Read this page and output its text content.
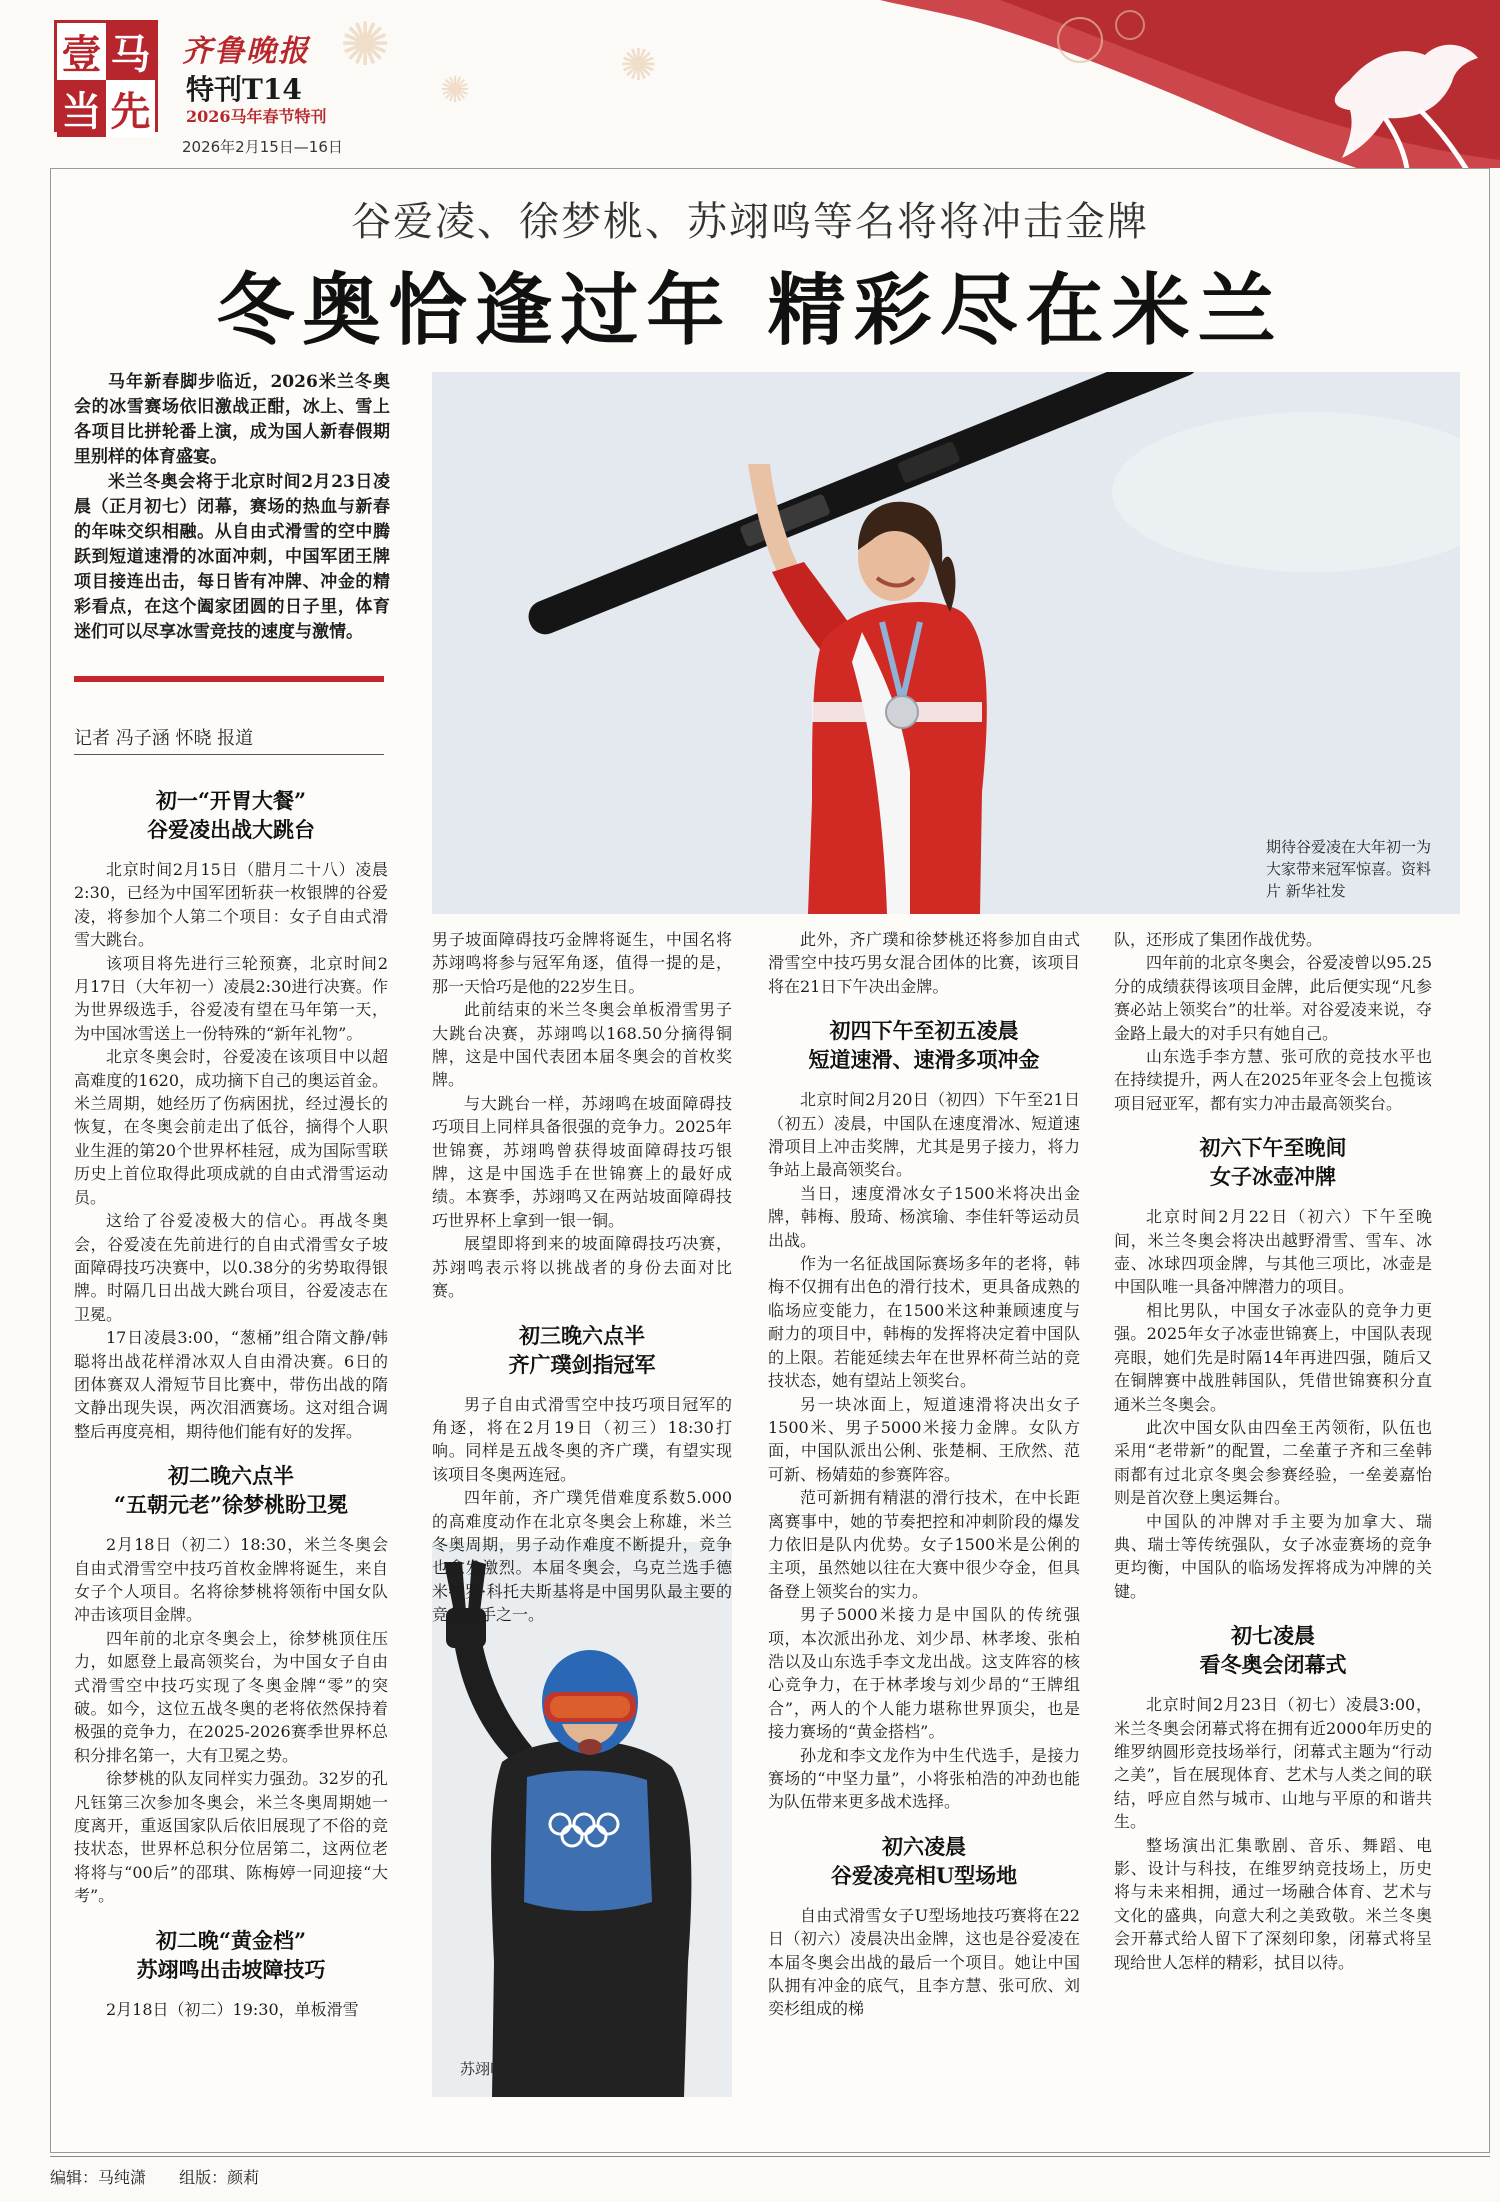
✺	✺
✺
壹 马
当 先
齐鲁晚报
特刊T14
2026马年春节特刊
2026年2月15日—16日
谷爱凌、徐梦桃、苏翊鸣等名将将冲击金牌
冬奥恰逢过年 精彩尽在米兰

马年新春脚步临近，2026米兰冬奥会的冰雪赛场依旧激战正酣，冰上、雪上各项目比拼轮番上演，成为国人新春假期里别样的体育盛宴。

米兰冬奥会将于北京时间2月23日凌晨（正月初七）闭幕，赛场的热血与新春的年味交织相融。从自由式滑雪的空中腾跃到短道速滑的冰面冲刺，中国军团王牌项目接连出击，每日皆有冲牌、冲金的精彩看点，在这个阖家团圆的日子里，体育迷们可以尽享冰雪竞技的速度与激情。

记者 冯子涵 怀晓 报道
期待谷爱凌在大年初一为大家带来冠军惊喜。资料片 新华社发
苏翊鸣实力不俗。 新华社发
初一“开胃大餐”
谷爱凌出战大跳台

北京时间2月15日（腊月二十八）凌晨2:30，已经为中国军团斩获一枚银牌的谷爱凌，将参加个人第二个项目：女子自由式滑雪大跳台。

该项目将先进行三轮预赛，北京时间2月17日（大年初一）凌晨2:30进行决赛。作为世界级选手，谷爱凌有望在马年第一天，为中国冰雪送上一份特殊的“新年礼物”。

北京冬奥会时，谷爱凌在该项目中以超高难度的1620，成功摘下自己的奥运首金。米兰周期，她经历了伤病困扰，经过漫长的恢复，在冬奥会前走出了低谷，摘得个人职业生涯的第20个世界杯桂冠，成为国际雪联历史上首位取得此项成就的自由式滑雪运动员。

这给了谷爱凌极大的信心。再战冬奥会，谷爱凌在先前进行的自由式滑雪女子坡面障碍技巧决赛中，以0.38分的劣势取得银牌。时隔几日出战大跳台项目，谷爱凌志在卫冕。

17日凌晨3:00，“葱桶”组合隋文静/韩聪将出战花样滑冰双人自由滑决赛。6日的团体赛双人滑短节目比赛中，带伤出战的隋文静出现失误，两次泪洒赛场。这对组合调整后再度亮相，期待他们能有好的发挥。

初二晚六点半
“五朝元老”徐梦桃盼卫冕

2月18日（初二）18:30，米兰冬奥会自由式滑雪空中技巧首枚金牌将诞生，来自女子个人项目。名将徐梦桃将领衔中国女队冲击该项目金牌。

四年前的北京冬奥会上，徐梦桃顶住压力，如愿登上最高领奖台，为中国女子自由式滑雪空中技巧实现了冬奥金牌“零”的突破。如今，这位五战冬奥的老将依然保持着极强的竞争力，在2025-2026赛季世界杯总积分排名第一，大有卫冕之势。

徐梦桃的队友同样实力强劲。32岁的孔凡钰第三次参加冬奥会，米兰冬奥周期她一度离开，重返国家队后依旧展现了不俗的竞技状态，世界杯总积分位居第二，这两位老将将与“00后”的邵琪、陈梅婷一同迎接“大考”。

初二晚“黄金档”
苏翊鸣出击坡障技巧

2月18日（初二）19:30，单板滑雪

男子坡面障碍技巧金牌将诞生，中国名将苏翊鸣将参与冠军角逐，值得一提的是，那一天恰巧是他的22岁生日。

此前结束的米兰冬奥会单板滑雪男子大跳台决赛，苏翊鸣以168.50分摘得铜牌，这是中国代表团本届冬奥会的首枚奖牌。

与大跳台一样，苏翊鸣在坡面障碍技巧项目上同样具备很强的竞争力。2025年世锦赛，苏翊鸣曾获得坡面障碍技巧银牌，这是中国选手在世锦赛上的最好成绩。本赛季，苏翊鸣又在两站坡面障碍技巧世界杯上拿到一银一铜。

展望即将到来的坡面障碍技巧决赛，苏翊鸣表示将以挑战者的身份去面对比赛。

初三晚六点半
齐广璞剑指冠军

男子自由式滑雪空中技巧项目冠军的角逐，将在2月19日（初三）18:30打响。同样是五战冬奥的齐广璞，有望实现该项目冬奥两连冠。

四年前，齐广璞凭借难度系数5.000的高难度动作在北京冬奥会上称雄，米兰冬奥周期，男子动作难度不断提升，竞争也愈发激烈。本届冬奥会，乌克兰选手德米特罗·科托夫斯基将是中国男队最主要的竞争对手之一。

此外，齐广璞和徐梦桃还将参加自由式滑雪空中技巧男女混合团体的比赛，该项目将在21日下午决出金牌。

初四下午至初五凌晨
短道速滑、速滑多项冲金

北京时间2月20日（初四）下午至21日（初五）凌晨，中国队在速度滑冰、短道速滑项目上冲击奖牌，尤其是男子接力，将力争站上最高领奖台。

当日，速度滑冰女子1500米将决出金牌，韩梅、殷琦、杨滨瑜、李佳轩等运动员出战。

作为一名征战国际赛场多年的老将，韩梅不仅拥有出色的滑行技术，更具备成熟的临场应变能力，在1500米这种兼顾速度与耐力的项目中，韩梅的发挥将决定着中国队的上限。若能延续去年在世界杯荷兰站的竞技状态，她有望站上领奖台。

另一块冰面上，短道速滑将决出女子1500米、男子5000米接力金牌。女队方面，中国队派出公俐、张楚桐、王欣然、范可新、杨婧茹的参赛阵容。

范可新拥有精湛的滑行技术，在中长距离赛事中，她的节奏把控和冲刺阶段的爆发力依旧是队内优势。女子1500米是公俐的主项，虽然她以往在大赛中很少夺金，但具备登上领奖台的实力。

男子5000米接力是中国队的传统强项，本次派出孙龙、刘少昂、林孝埈、张柏浩以及山东选手李文龙出战。这支阵容的核心竞争力，在于林孝埈与刘少昂的“王牌组合”，两人的个人能力堪称世界顶尖，也是接力赛场的“黄金搭档”。

孙龙和李文龙作为中生代选手，是接力赛场的“中坚力量”，小将张柏浩的冲劲也能为队伍带来更多战术选择。

初六凌晨
谷爱凌亮相U型场地

自由式滑雪女子U型场地技巧赛将在22日（初六）凌晨决出金牌，这也是谷爱凌在本届冬奥会出战的最后一个项目。她让中国队拥有冲金的底气，且李方慧、张可欣、刘奕杉组成的梯

队，还形成了集团作战优势。

四年前的北京冬奥会，谷爱凌曾以95.25分的成绩获得该项目金牌，此后便实现“凡参赛必站上领奖台”的壮举。对谷爱凌来说，夺金路上最大的对手只有她自己。

山东选手李方慧、张可欣的竞技水平也在持续提升，两人在2025年亚冬会上包揽该项目冠亚军，都有实力冲击最高领奖台。

初六下午至晚间
女子冰壶冲牌

北京时间2月22日（初六）下午至晚间，米兰冬奥会将决出越野滑雪、雪车、冰壶、冰球四项金牌，与其他三项比，冰壶是中国队唯一具备冲牌潜力的项目。

相比男队，中国女子冰壶队的竞争力更强。2025年女子冰壶世锦赛上，中国队表现亮眼，她们先是时隔14年再进四强，随后又在铜牌赛中战胜韩国队，凭借世锦赛积分直通米兰冬奥会。

此次中国女队由四垒王芮领衔，队伍也采用“老带新”的配置，二垒董子齐和三垒韩雨都有过北京冬奥会参赛经验，一垒姜嘉怡则是首次登上奥运舞台。

中国队的冲牌对手主要为加拿大、瑞典、瑞士等传统强队，女子冰壶赛场的竞争更均衡，中国队的临场发挥将成为冲牌的关键。

初七凌晨
看冬奥会闭幕式

北京时间2月23日（初七）凌晨3:00，米兰冬奥会闭幕式将在拥有近2000年历史的维罗纳圆形竞技场举行，闭幕式主题为“行动之美”，旨在展现体育、艺术与人类之间的联结，呼应自然与城市、山地与平原的和谐共生。

整场演出汇集歌剧、音乐、舞蹈、电影、设计与科技，在维罗纳竞技场上，历史将与未来相拥，通过一场融合体育、艺术与文化的盛典，向意大利之美致敬。米兰冬奥会开幕式给人留下了深刻印象，闭幕式将呈现给世人怎样的精彩，拭目以待。

编辑：马纯潇 组版：颜莉
